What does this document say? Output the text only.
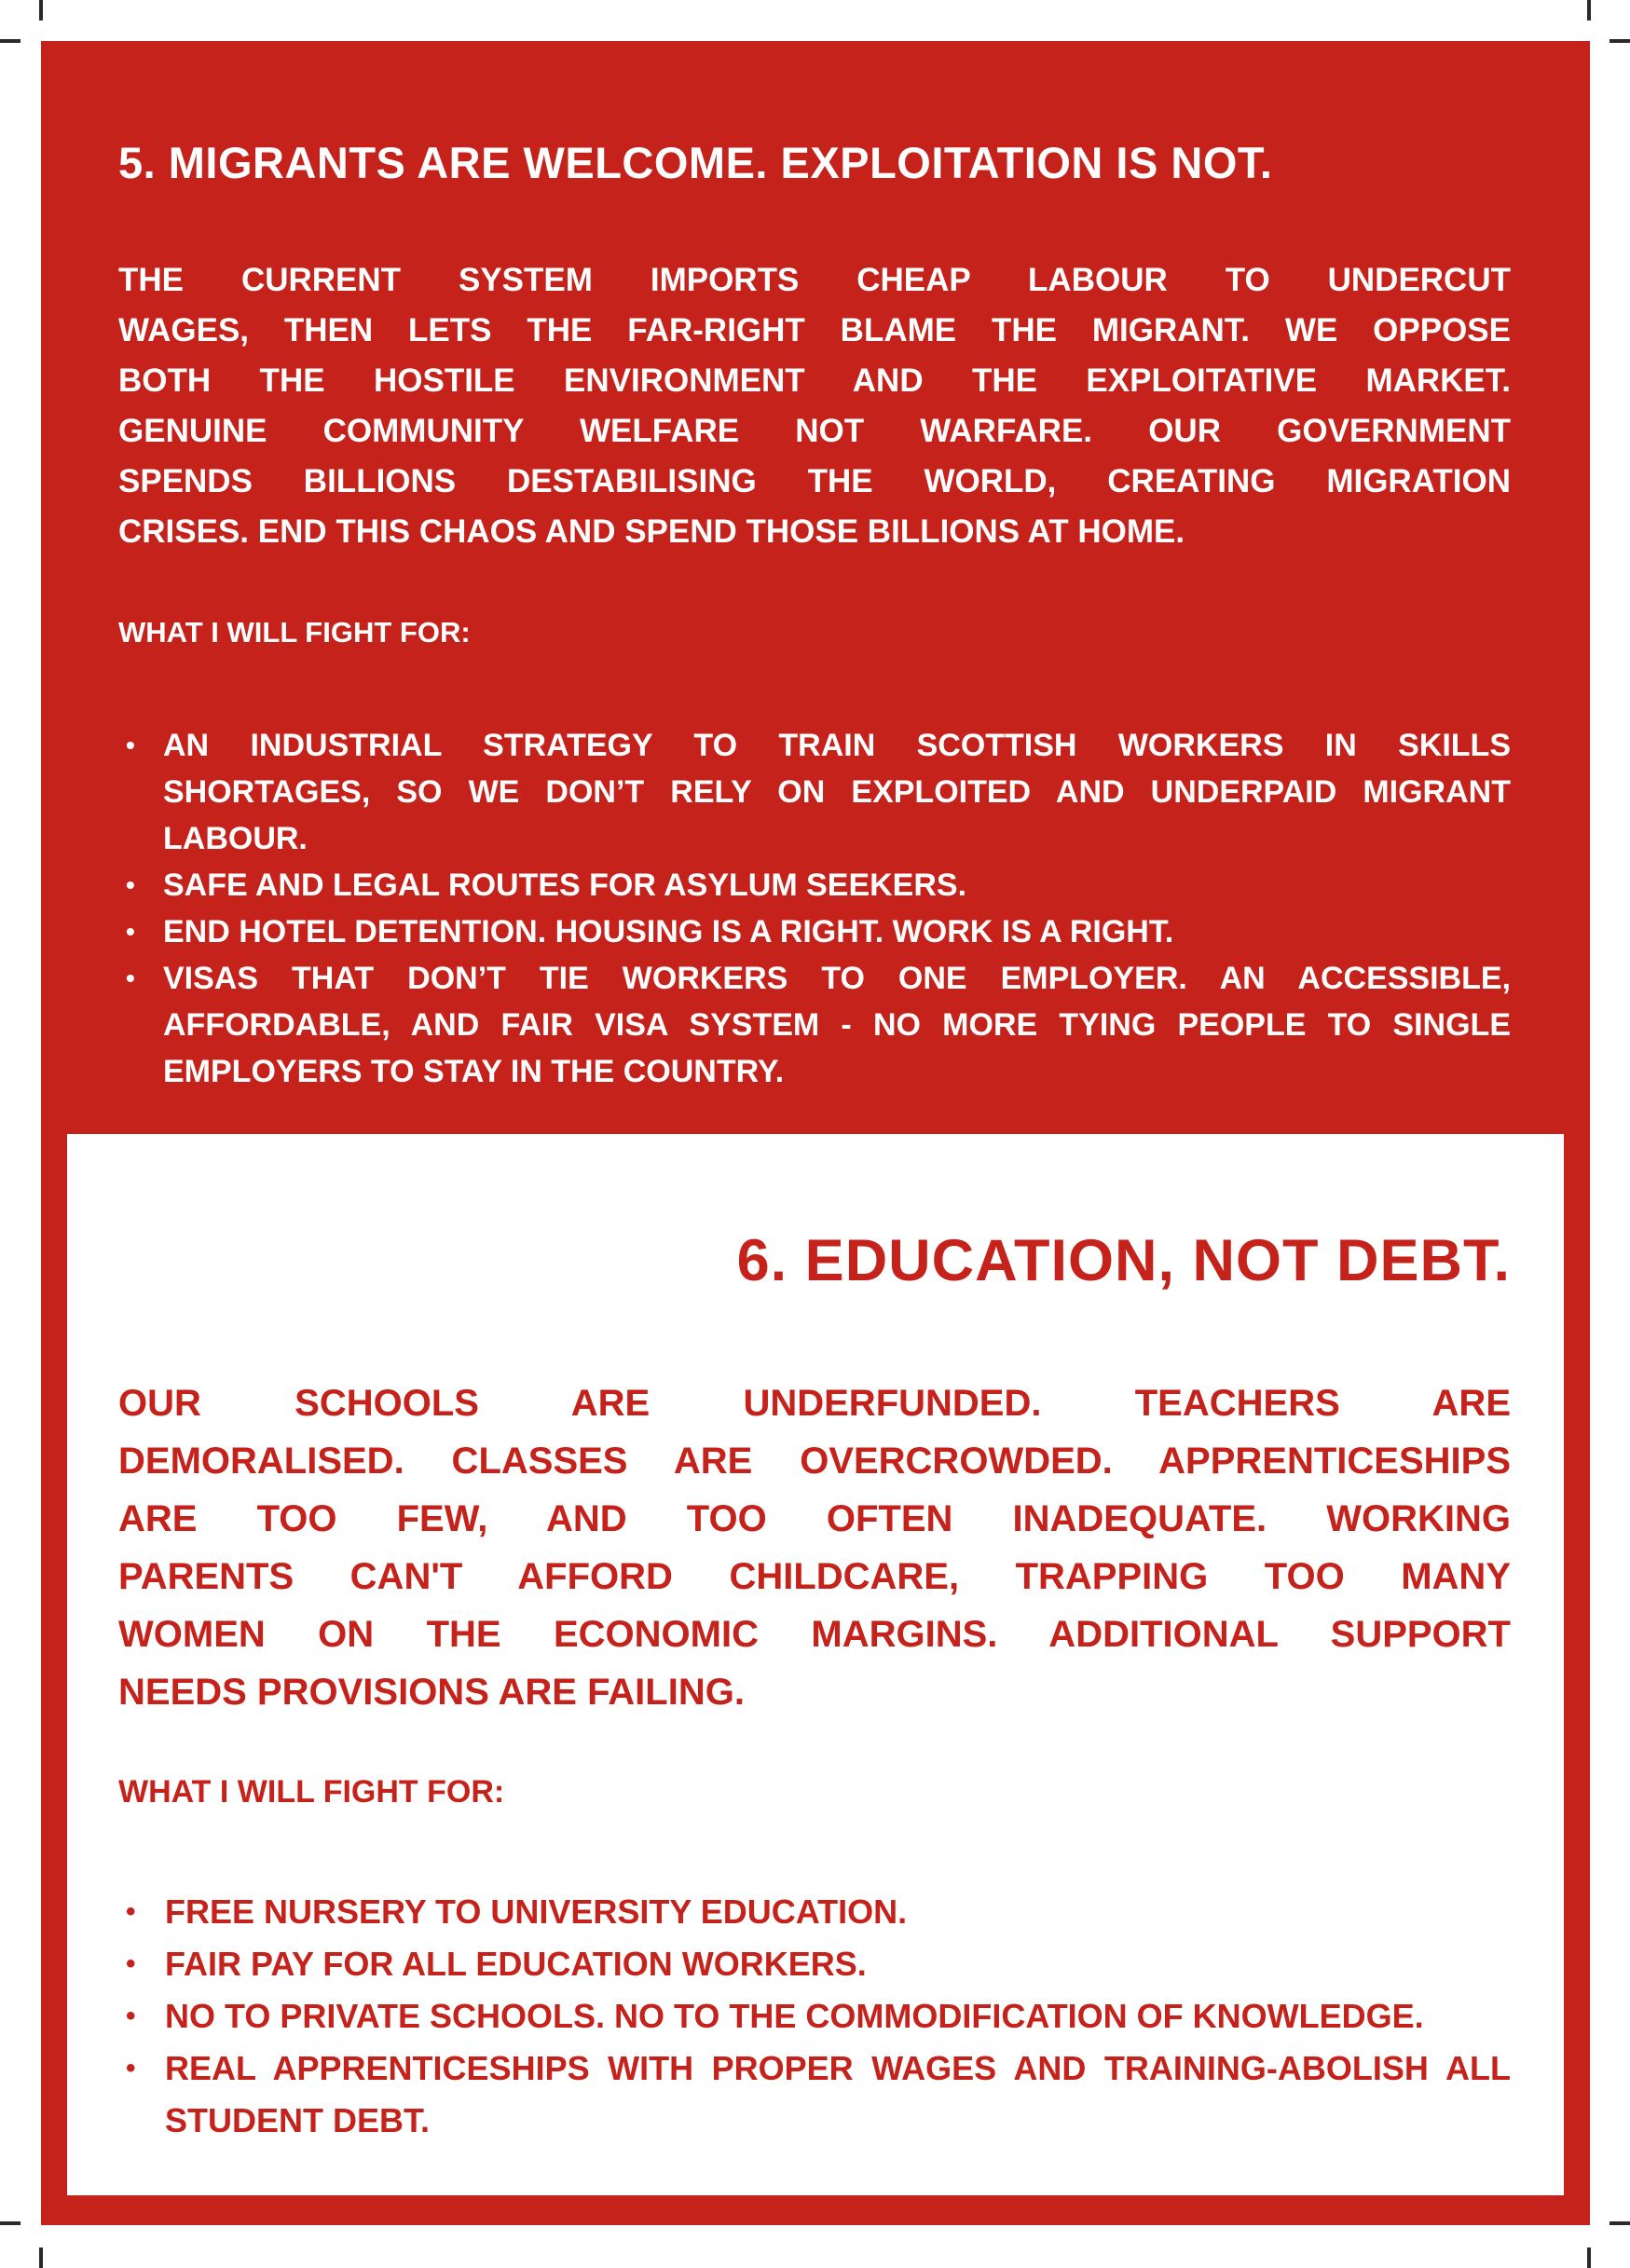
5. MIGRANTS ARE WELCOME. EXPLOITATION IS NOT.
THE CURRENT SYSTEM IMPORTS CHEAP LABOUR TO UNDERCUT
WAGES, THEN LETS THE FAR-RIGHT BLAME THE MIGRANT. WE OPPOSE
BOTH THE HOSTILE ENVIRONMENT AND THE EXPLOITATIVE MARKET.
GENUINE COMMUNITY WELFARE NOT WARFARE. OUR GOVERNMENT
SPENDS BILLIONS DESTABILISING THE WORLD, CREATING MIGRATION
CRISES. END THIS CHAOS AND SPEND THOSE BILLIONS AT HOME.
WHAT I WILL FIGHT FOR:
• AN INDUSTRIAL STRATEGY TO TRAIN SCOTTISH WORKERS IN SKILLS
SHORTAGES, SO WE DON’T RELY ON EXPLOITED AND UNDERPAID MIGRANT
LABOUR.
• SAFE AND LEGAL ROUTES FOR ASYLUM SEEKERS.
• END HOTEL DETENTION. HOUSING IS A RIGHT. WORK IS A RIGHT.
• VISAS THAT DON’T TIE WORKERS TO ONE EMPLOYER. AN ACCESSIBLE,
AFFORDABLE, AND FAIR VISA SYSTEM - NO MORE TYING PEOPLE TO SINGLE
EMPLOYERS TO STAY IN THE COUNTRY.
6. EDUCATION, NOT DEBT.
OUR SCHOOLS ARE UNDERFUNDED. TEACHERS ARE
DEMORALISED. CLASSES ARE OVERCROWDED. APPRENTICESHIPS
ARE TOO FEW, AND TOO OFTEN INADEQUATE. WORKING
PARENTS CAN'T AFFORD CHILDCARE, TRAPPING TOO MANY
WOMEN ON THE ECONOMIC MARGINS. ADDITIONAL SUPPORT
NEEDS PROVISIONS ARE FAILING.
WHAT I WILL FIGHT FOR:
• FREE NURSERY TO UNIVERSITY EDUCATION.
• FAIR PAY FOR ALL EDUCATION WORKERS.
• NO TO PRIVATE SCHOOLS. NO TO THE COMMODIFICATION OF KNOWLEDGE.
• REAL APPRENTICESHIPS WITH PROPER WAGES AND TRAINING-ABOLISH ALL
STUDENT DEBT.
